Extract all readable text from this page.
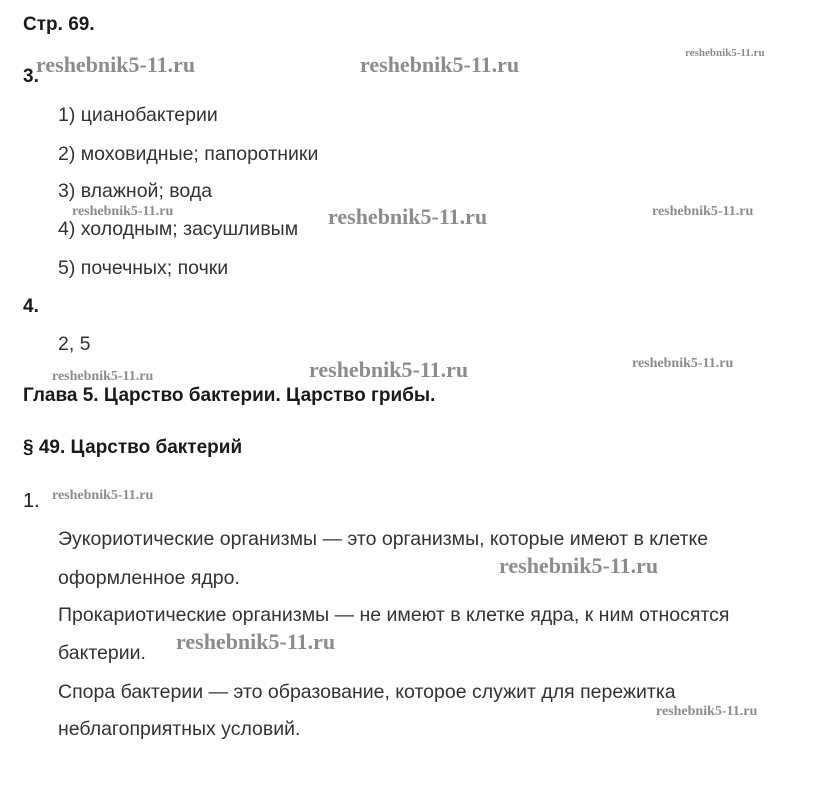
Стр. 69.
3.
1) цианобактерии
2) моховидные; папоротники
3) влажной; вода
4) холодным; засушливым
5) почечных; почки
4.
2, 5
Глава 5. Царство бактерии. Царство грибы.
§ 49. Царство бактерий
1.
Эукориотические организмы — это организмы, которые имеют в клетке
оформленное ядро.
Прокариотические организмы — не имеют в клетке ядра, к ним относятся
бактерии.
Спора бактерии — это образование, которое служит для пережитка
неблагоприятных условий.
reshebnik5-11.ru	reshebnik5-11.ru	reshebnik5-11.ru
reshebnik5-11.ru	reshebnik5-11.ru	reshebnik5-11.ru
reshebnik5-11.ru	reshebnik5-11.ru	reshebnik5-11.ru
reshebnik5-11.ru
reshebnik5-11.ru
reshebnik5-11.ru
reshebnik5-11.ru
